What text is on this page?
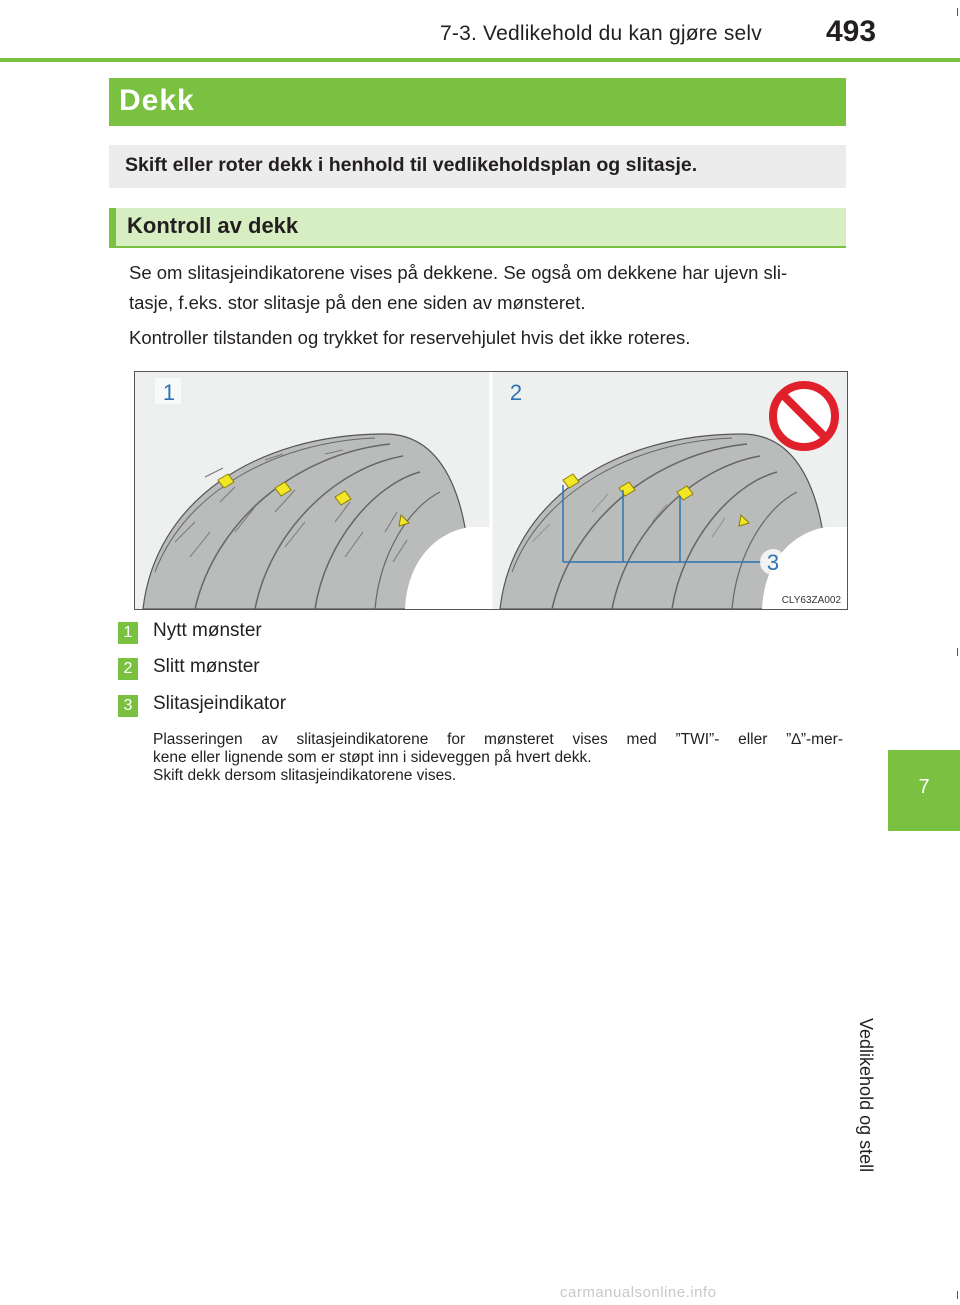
7-3. Vedlikehold du kan gjøre selv 493
Dekk
Skift eller roter dekk i henhold til vedlikeholdsplan og slitasje.
Kontroll av dekk
Se om slitasjeindikatorene vises på dekkene. Se også om dekkene har ujevn sli-
tasje, f.eks. stor slitasje på den ene siden av mønsteret.
Kontroller tilstanden og trykket for reservehjulet hvis det ikke roteres.
1	2
3
CLY63ZA002
1 Nytt mønster
2 Slitt mønster
3 Slitasjeindikator
Plasseringen av slitasjeindikatorene for mønsteret vises med ”TWI”- eller ”∆”-mer-
kene eller lignende som er støpt inn i sideveggen på hvert dekk.
Skift dekk dersom slitasjeindikatorene vises.
7
Vedlikehold og stell
carmanualsonline.info
